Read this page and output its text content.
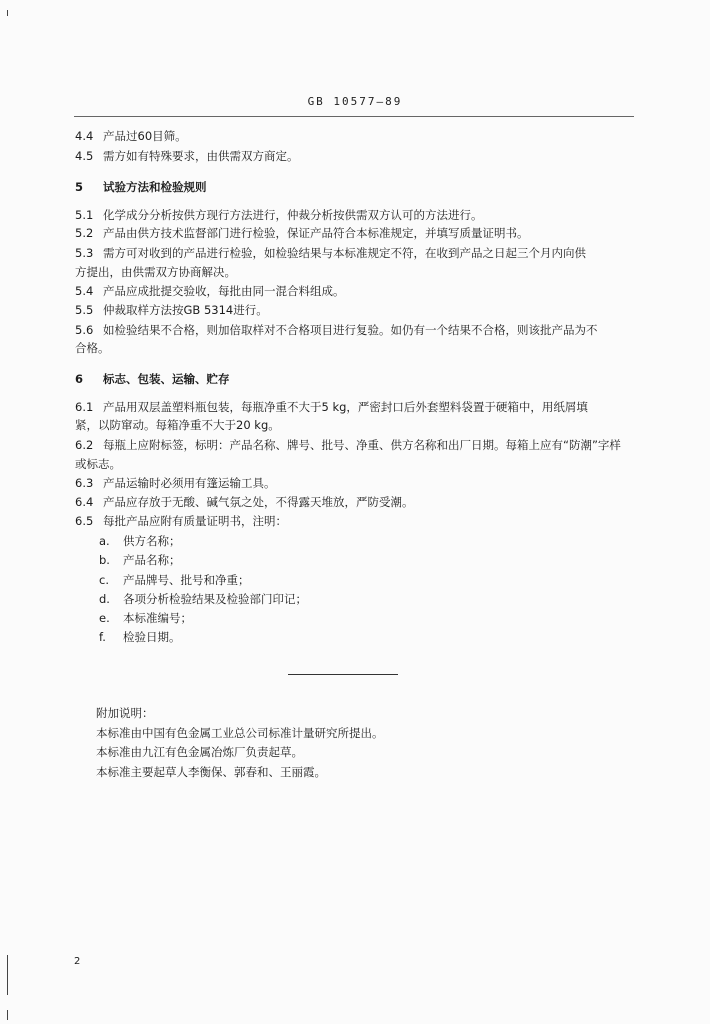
GB 10577—89
4.4 产品过60目筛。
4.5 需方如有特殊要求，由供需双方商定。
5 试验方法和检验规则
5.1 化学成分分析按供方现行方法进行，仲裁分析按供需双方认可的方法进行。
5.2 产品由供方技术监督部门进行检验，保证产品符合本标准规定，并填写质量证明书。
5.3 需方可对收到的产品进行检验，如检验结果与本标准规定不符，在收到产品之日起三个月内向供
方提出，由供需双方协商解决。
5.4 产品应成批提交验收，每批由同一混合料组成。
5.5 仲裁取样方法按GB 5314进行。
5.6 如检验结果不合格，则加倍取样对不合格项目进行复验。如仍有一个结果不合格，则该批产品为不
合格。
6 标志、包装、运输、贮存
6.1 产品用双层盖塑料瓶包装，每瓶净重不大于5 kg，严密封口后外套塑料袋置于硬箱中，用纸屑填
紧，以防窜动。每箱净重不大于20 kg。
6.2 每瓶上应附标签，标明：产品名称、牌号、批号、净重、供方名称和出厂日期。每箱上应有“防潮”字样
或标志。
6.3 产品运输时必须用有篷运输工具。
6.4 产品应存放于无酸、碱气氛之处，不得露天堆放，严防受潮。
6.5 每批产品应附有质量证明书，注明：
a. 供方名称；
b. 产品名称；
c. 产品牌号、批号和净重；
d. 各项分析检验结果及检验部门印记；
e. 本标准编号；
f. 检验日期。
附加说明：
本标准由中国有色金属工业总公司标准计量研究所提出。
本标准由九江有色金属冶炼厂负责起草。
本标准主要起草人李衡保、郭春和、王丽霞。
2
